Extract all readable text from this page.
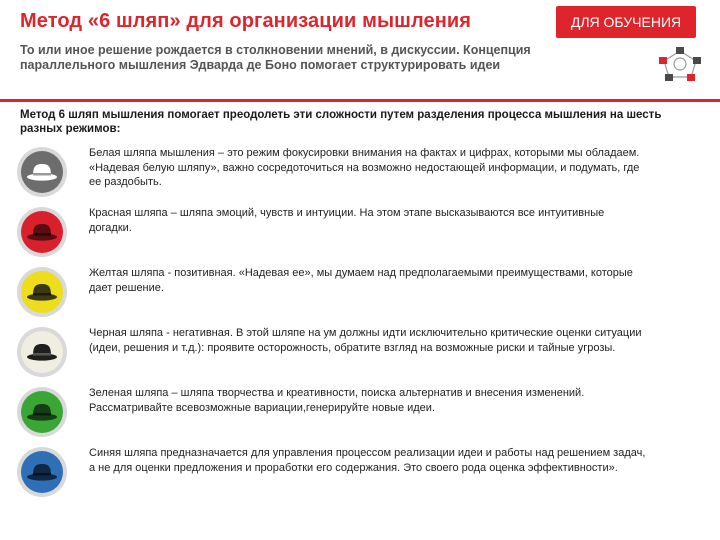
Метод «6 шляп» для организации мышления	ДЛЯ ОБУЧЕНИЯ
То или иное решение рождается в столкновении мнений, в дискуссии. Концепция
параллельного мышления Эдварда де Боно помогает структурировать идеи
Метод 6 шляп мышления помогает преодолеть эти сложности путем разделения процесса мышления на шесть
разных режимов:

Белая шляпа мышления – это режим фокусировки внимания на фактах и цифрах, которыми мы обладаем.

«Надевая белую шляпу», важно сосредоточиться на возможно недостающей информации, и подумать, где

ее раздобыть.

Красная шляпа – шляпа эмоций, чувств и интуиции. На этом этапе высказываются все интуитивные

догадки.

Желтая шляпа - позитивная. «Надевая ее», мы думаем над предполагаемыми преимуществами, которые

дает решение.

Черная шляпа - негативная. В этой шляпе на ум должны идти исключительно критические оценки ситуации

(идеи, решения и т.д.): проявите осторожность, обратите взгляд на возможные риски и тайные угрозы.

Зеленая шляпа – шляпа творчества и креативности, поиска альтернатив и внесения изменений.

Рассматривайте всевозможные вариации,генерируйте новые идеи.

Синяя шляпа предназначается для управления процессом реализации идеи и работы над решением задач,

а не для оценки предложения и проработки его содержания. Это своего рода оценка эффективности».
